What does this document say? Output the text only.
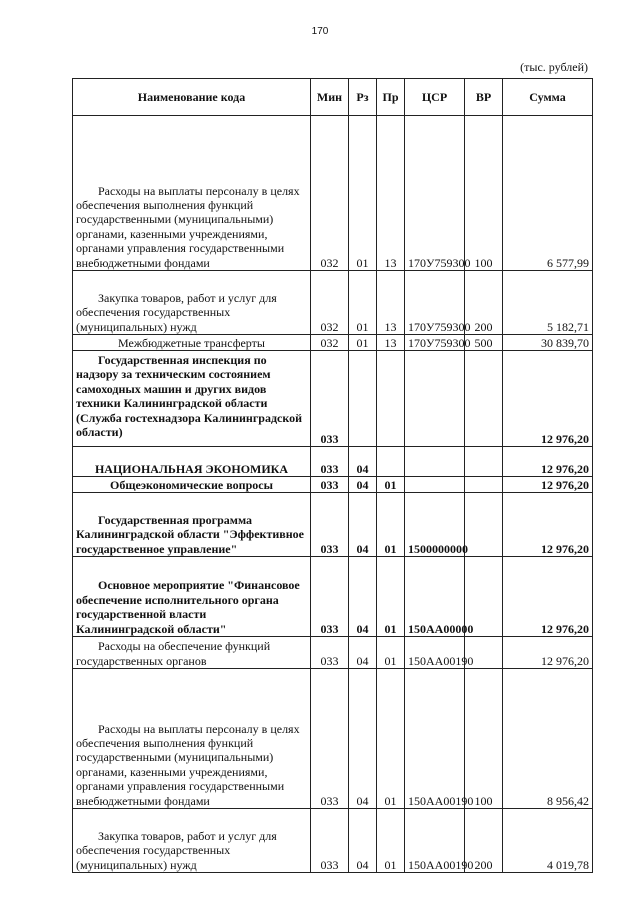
170
(тыс. рублей)
Наименование кода	Мин	Рз	Пр	ЦСР	ВР	Сумма
Расходы на выплаты персоналу в целях обеспечения выполнения функций государственными (муниципальными) органами, казенными учреждениями, органами управления государственными внебюджетными фондами	032	01	13	170У759300	100	6 577,99
Закупка товаров, работ и услуг для обеспечения государственных (муниципальных) нужд	032	01	13	170У759300	200	5 182,71
Межбюджетные трансферты	032	01	13	170У759300	500	30 839,70
Государственная инспекция по надзору за техническим состоянием самоходных машин и других видов техники Калининградской области (Служба гостехнадзора Калининградской области)	033					12 976,20
НАЦИОНАЛЬНАЯ ЭКОНОМИКА	033	04				12 976,20
Общеэкономические вопросы	033	04	01			12 976,20
Государственная программа Калининградской области "Эффективное государственное управление"	033	04	01	1500000000		12 976,20
Основное мероприятие "Финансовое обеспечение исполнительного органа государственной власти Калининградской области"	033	04	01	150АА00000		12 976,20
Расходы на обеспечение функций государственных органов	033	04	01	150АА00190		12 976,20
Расходы на выплаты персоналу в целях обеспечения выполнения функций государственными (муниципальными) органами, казенными учреждениями, органами управления государственными внебюджетными фондами	033	04	01	150АА00190	100	8 956,42
Закупка товаров, работ и услуг для обеспечения государственных (муниципальных) нужд	033	04	01	150АА00190	200	4 019,78
